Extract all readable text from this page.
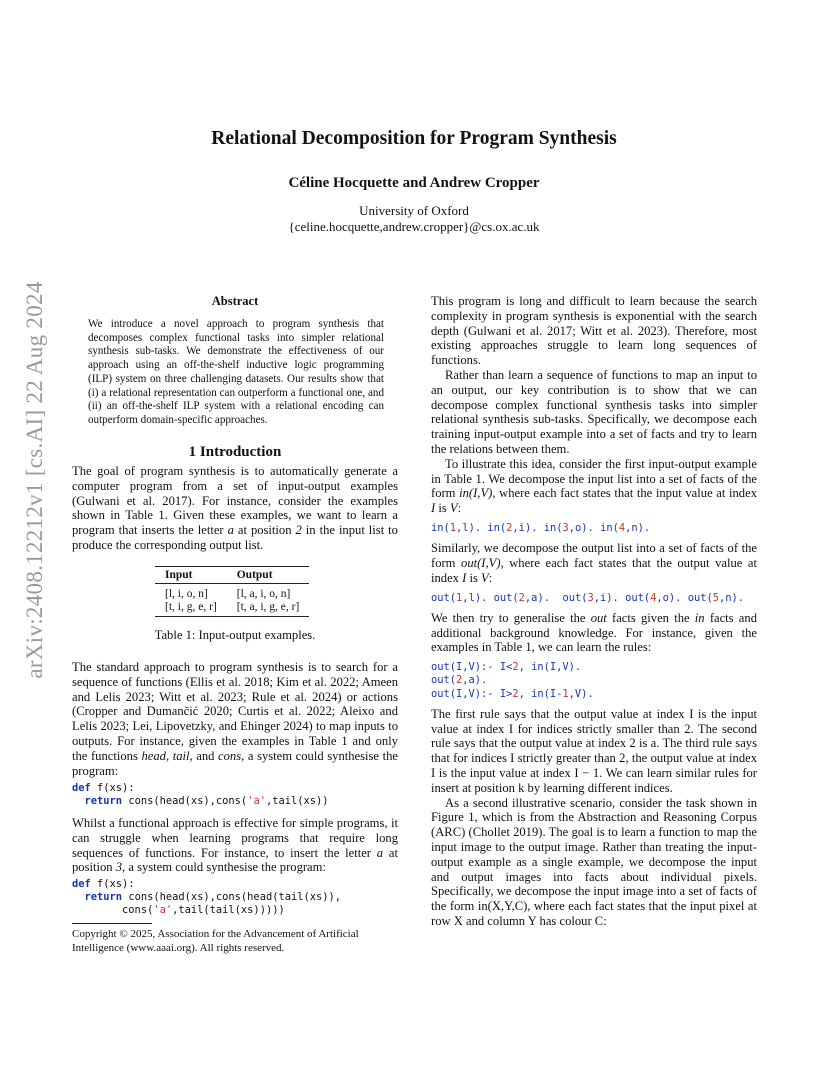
Relational Decomposition for Program Synthesis
Céline Hocquette and Andrew Cropper
University of Oxford
{celine.hocquette,andrew.cropper}@cs.ox.ac.uk
arXiv:2408.12212v1 [cs.AI] 22 Aug 2024	Abstract
We introduce a novel approach to program synthesis that decomposes complex functional tasks into simpler relational synthesis sub-tasks. We demonstrate the effectiveness of our approach using an off-the-shelf inductive logic programming (ILP) system on three challenging datasets. Our results show that (i) a relational representation can outperform a functional one, and (ii) an off-the-shelf ILP system with a relational encoding can outperform domain-specific approaches.
1 Introduction

The goal of program synthesis is to automatically generate a computer program from a set of input-output examples (Gulwani et al. 2017). For instance, consider the examples shown in Table 1. Given these examples, we want to learn a program that inserts the letter a at position 2 in the input list to produce the corresponding output list.

Input	Output
[l, i, o, n]	[l, a, i, o, n]
[t, i, g, e, r]	[t, a, i, g, e, r]
Table 1: Input-output examples.

The standard approach to program synthesis is to search for a sequence of functions (Ellis et al. 2018; Kim et al. 2022; Ameen and Lelis 2023; Witt et al. 2023; Rule et al. 2024) or actions (Cropper and Dumančić 2020; Curtis et al. 2022; Aleixo and Lelis 2023; Lei, Lipovetzky, and Ehinger 2024) to map inputs to outputs. For instance, given the examples in Table 1 and only the functions head, tail, and cons, a system could synthesise the program:

def f(xs):
return cons(head(xs),cons('a',tail(xs))

Whilst a functional approach is effective for simple programs, it can struggle when learning programs that require long sequences of functions. For instance, to insert the letter a at position 3, a system could synthesise the program:

def f(xs):
return cons(head(xs),cons(head(tail(xs)),
cons('a',tail(tail(xs)))))
Copyright © 2025, Association for the Advancement of Artificial Intelligence (www.aaai.org). All rights reserved.

This program is long and difficult to learn because the search complexity in program synthesis is exponential with the search depth (Gulwani et al. 2017; Witt et al. 2023). Therefore, most existing approaches struggle to learn long sequences of functions.

Rather than learn a sequence of functions to map an input to an output, our key contribution is to show that we can decompose complex functional synthesis tasks into simpler relational synthesis sub-tasks. Specifically, we decompose each training input-output example into a set of facts and try to learn the relations between them.

To illustrate this idea, consider the first input-output example in Table 1. We decompose the input list into a set of facts of the form in(I,V), where each fact states that the input value at index I is V:

in(1,l). in(2,i). in(3,o). in(4,n).

Similarly, we decompose the output list into a set of facts of the form out(I,V), where each fact states that the output value at index I is V:

out(1,l). out(2,a).  out(3,i). out(4,o). out(5,n).

We then try to generalise the out facts given the in facts and additional background knowledge. For instance, given the examples in Table 1, we can learn the rules:

out(I,V):- I<2, in(I,V).
out(2,a).
out(I,V):- I>2, in(I-1,V).

The first rule says that the output value at index I is the input value at index I for indices strictly smaller than 2. The second rule says that the output value at index 2 is a. The third rule says that for indices I strictly greater than 2, the output value at index I is the input value at index I − 1. We can learn similar rules for insert at position k by learning different indices.

As a second illustrative scenario, consider the task shown in Figure 1, which is from the Abstraction and Reasoning Corpus (ARC) (Chollet 2019). The goal is to learn a function to map the input image to the output image. Rather than treating the input-output example as a single example, we decompose the input and output images into facts about individual pixels. Specifically, we decompose the input image into a set of facts of the form in(X,Y,C), where each fact states that the input pixel at row X and column Y has colour C:
